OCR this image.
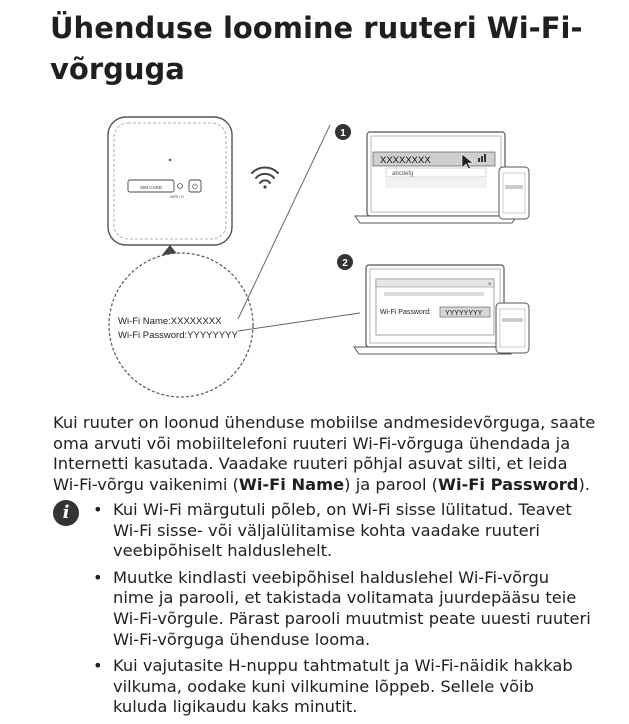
Ühenduse loomine ruuteri Wi-Fi-võrguga
SIM CARD	⏻
WPS / H
Wi-Fi Name:XXXXXXXX
Wi-Fi Password:YYYYYYYY
1
XXXXXXXX
abcdefg
2
×
Wi-Fi Password: YYYYYYYY

Kui ruuter on loonud ühenduse mobiilse andmesidevõrguga, saate oma arvuti või mobiiltelefoni ruuteri Wi-Fi-võrguga ühendada ja Internetti kasutada. Vaadake ruuteri põhjal asuvat silti, et leida Wi-Fi-võrgu vaikenimi (Wi-Fi Name) ja parool (Wi-Fi Password).

i	• Kui Wi-Fi märgutuli põleb, on Wi-Fi sisse lülitatud. Teavet Wi-Fi sisse- või väljalülitamise kohta vaadake ruuteri veebipõhiselt halduslehelt.
• Muutke kindlasti veebipõhisel halduslehel Wi-Fi-võrgu nime ja parooli, et takistada volitamata juurdepääsu teie Wi-Fi-võrgule. Pärast parooli muutmist peate uuesti ruuteri Wi-Fi-võrguga ühenduse looma.
• Kui vajutasite H-nuppu tahtmatult ja Wi-Fi-näidik hakkab vilkuma, oodake kuni vilkumine lõppeb. Sellele võib kuluda ligikaudu kaks minutit.
